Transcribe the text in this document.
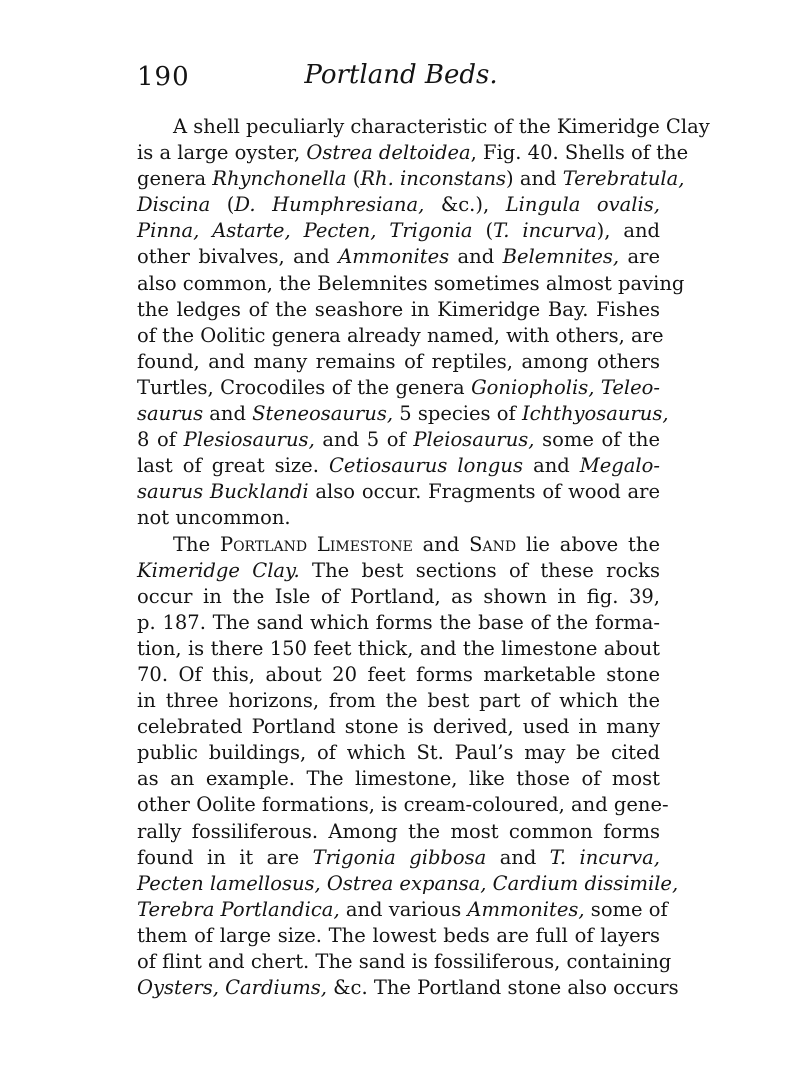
190	Portland Beds.
A shell peculiarly characteristic of the Kimeridge Clay
is a large oyster, Ostrea deltoidea, Fig. 40. Shells of the
genera Rhynchonella (Rh. inconstans) and Terebratula,
Discina (D. Humphresiana, &c.), Lingula ovalis,
Pinna, Astarte, Pecten, Trigonia (T. incurva), and
other bivalves, and Ammonites and Belemnites, are
also common, the Belemnites sometimes almost paving
the ledges of the seashore in Kimeridge Bay. Fishes
of the Oolitic genera already named, with others, are
found, and many remains of reptiles, among others
Turtles, Crocodiles of the genera Goniopholis, Teleo-
saurus and Steneosaurus, 5 species of Ichthyosaurus,
8 of Plesiosaurus, and 5 of Pleiosaurus, some of the
last of great size. Cetiosaurus longus and Megalo-
saurus Bucklandi also occur. Fragments of wood are
not uncommon.
The Portland Limestone and Sand lie above the
Kimeridge Clay. The best sections of these rocks
occur in the Isle of Portland, as shown in fig. 39,
p. 187. The sand which forms the base of the forma-
tion, is there 150 feet thick, and the limestone about
70. Of this, about 20 feet forms marketable stone
in three horizons, from the best part of which the
celebrated Portland stone is derived, used in many
public buildings, of which St. Paul’s may be cited
as an example. The limestone, like those of most
other Oolite formations, is cream-coloured, and gene-
rally fossiliferous. Among the most common forms
found in it are Trigonia gibbosa and T. incurva,
Pecten lamellosus, Ostrea expansa, Cardium dissimile,
Terebra Portlandica, and various Ammonites, some of
them of large size. The lowest beds are full of layers
of flint and chert. The sand is fossiliferous, containing
Oysters, Cardiums, &c. The Portland stone also occurs
